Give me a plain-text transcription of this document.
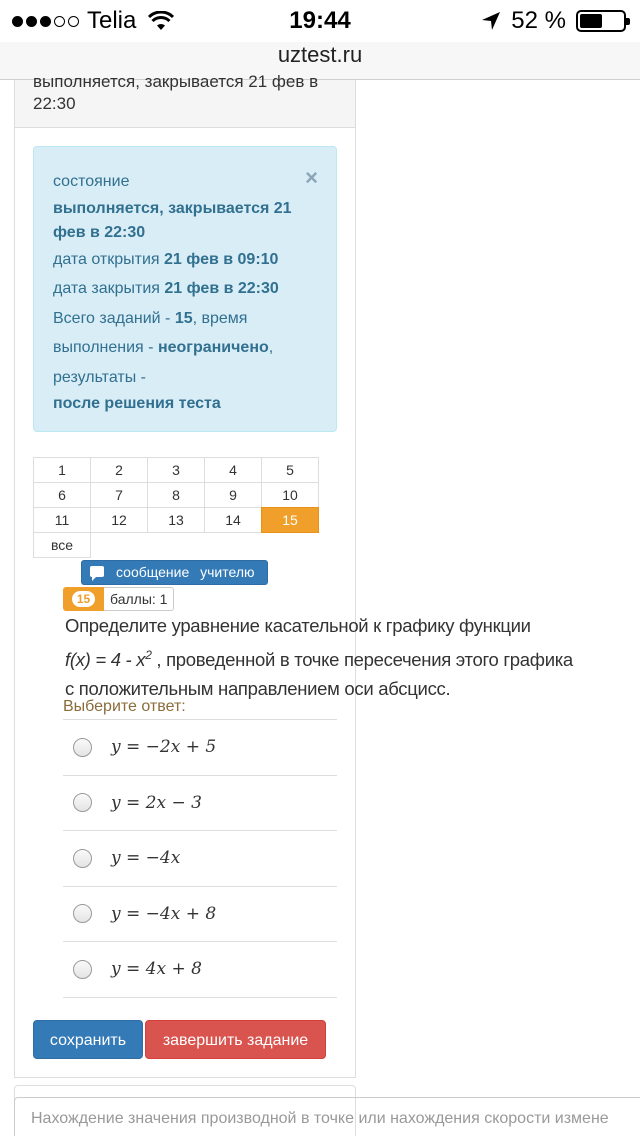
Telia	19:44	52 %
uztest.ru
выполняется, закрывается 21 фев в 22:30
×
состояние
выполняется, закрывается 21 фев в 22:30
дата открытия 21 фев в 09:10
дата закрытия 21 фев в 22:30
Всего заданий - 15, время выполнения - неограничено, результаты -
после решения теста
1	2	3	4	5
6	7	8	9	10
11	12	13	14	15
все
сообщение учителю
15	баллы: 1
Определите уравнение касательной к графику функции
$f(x) = 4 - x^2$ , проведенной в точке пересечения этого графика
с положительным направлением оси абсцисс.
Выберите ответ:
y = −2x + 5
y = 2x − 3
y = −4x
y = −4x + 8
y = 4x + 8
сохранить	завершить задание
Нахождение значения производной в точке или нахождения скорости измене
